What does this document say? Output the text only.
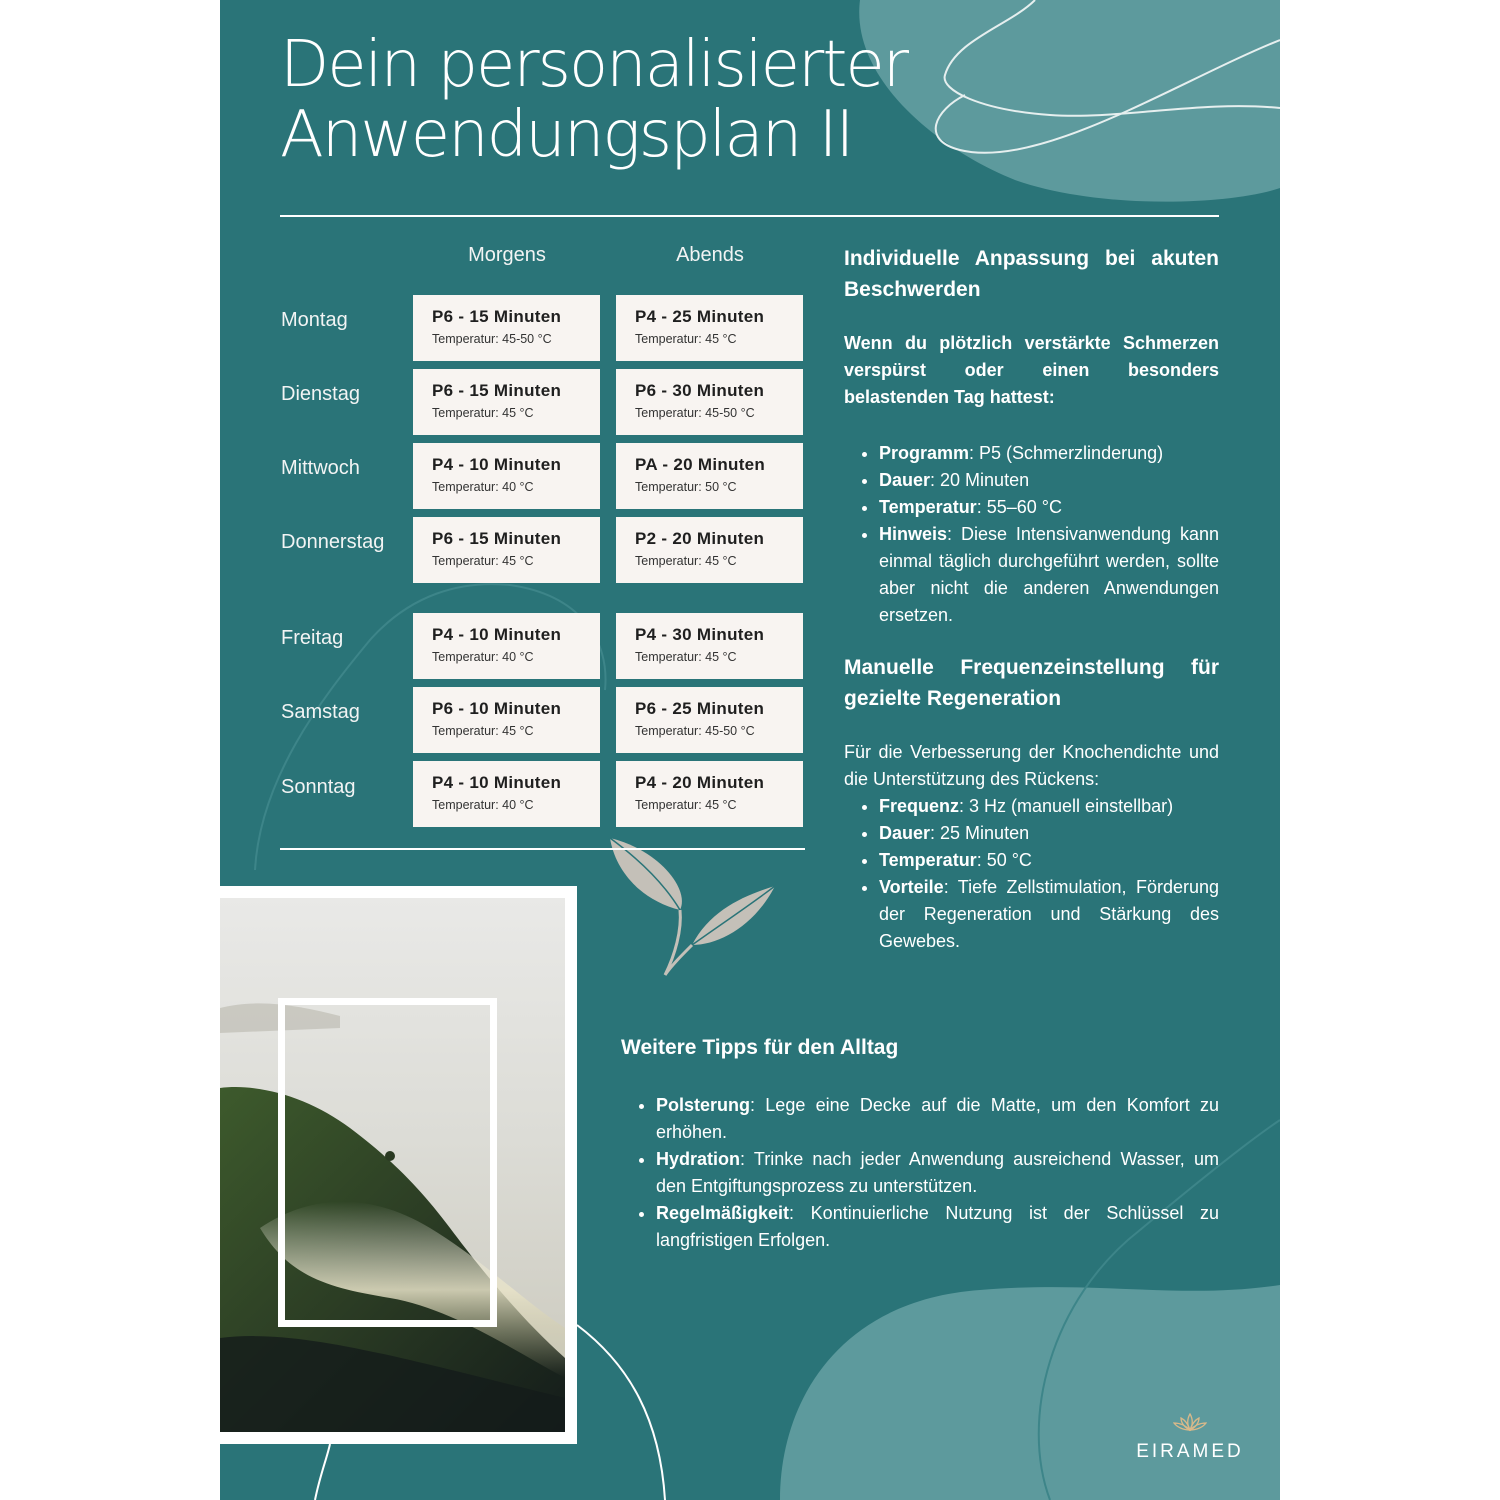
Dein personalisierter
Anwendungsplan II
Morgens	Abends
Montag	P6 - 15 Minuten
Temperatur: 45-50 °C
P4 - 25 Minuten
Temperatur: 45 °C
Dienstag	P6 - 15 Minuten
Temperatur: 45 °C
P6 - 30 Minuten
Temperatur: 45-50 °C
Mittwoch	P4 - 10 Minuten
Temperatur: 40 °C
PA - 20 Minuten
Temperatur: 50 °C
Donnerstag	P6 - 15 Minuten
Temperatur: 45 °C
P2 - 20 Minuten
Temperatur: 45 °C
Freitag	P4 - 10 Minuten
Temperatur: 40 °C
P4 - 30 Minuten
Temperatur: 45 °C
Samstag	P6 - 10 Minuten
Temperatur: 45 °C
P6 - 25 Minuten
Temperatur: 45-50 °C
Sonntag	P4 - 10 Minuten
Temperatur: 40 °C
P4 - 20 Minuten
Temperatur: 45 °C

Individuelle Anpassung bei akuten Beschwerden

Wenn du plötzlich verstärkte Schmerzen verspürst oder einen besonders belastenden Tag hattest:

• Programm: P5 (Schmerzlinderung)
• Dauer: 20 Minuten
• Temperatur: 55–60 °C
• Hinweis: Diese Intensivanwendung kann einmal täglich durchgeführt werden, sollte aber nicht die anderen Anwendungen ersetzen.

Manuelle Frequenzeinstellung für gezielte Regeneration

Für die Verbesserung der Knochendichte und die Unterstützung des Rückens:

• Frequenz: 3 Hz (manuell einstellbar)
• Dauer: 25 Minuten
• Temperatur: 50 °C
• Vorteile: Tiefe Zellstimulation, Förderung der Regeneration und Stärkung des Gewebes.

Weitere Tipps für den Alltag

• Polsterung: Lege eine Decke auf die Matte, um den Komfort zu erhöhen.
• Hydration: Trinke nach jeder Anwendung ausreichend Wasser, um den Entgiftungsprozess zu unterstützen.
• Regelmäßigkeit: Kontinuierliche Nutzung ist der Schlüssel zu langfristigen Erfolgen.
EIRAMED
